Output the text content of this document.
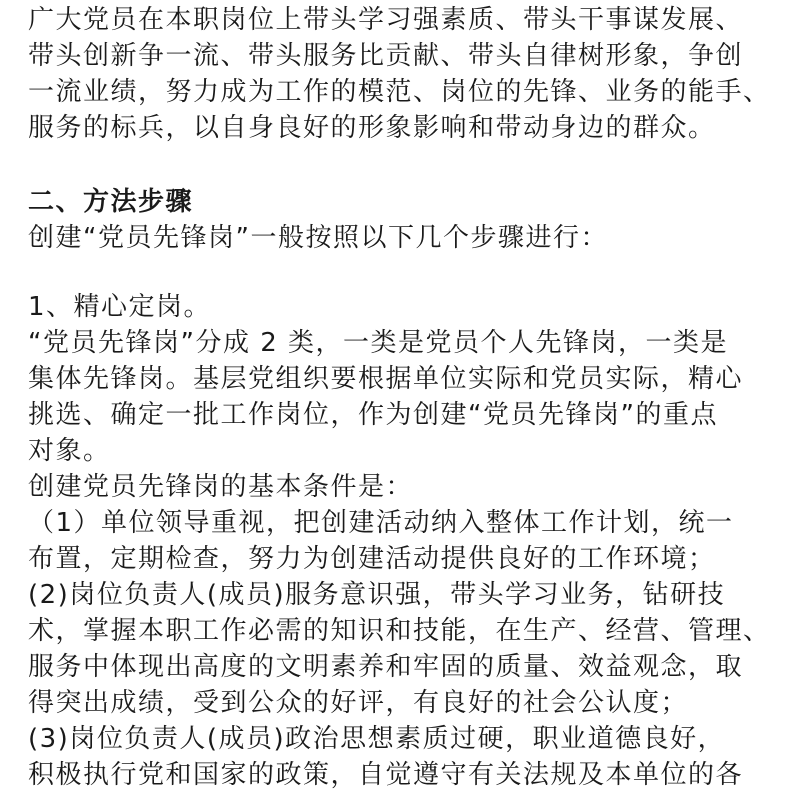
广大党员在本职岗位上带头学习强素质、带头干事谋发展、
带头创新争一流、带头服务比贡献、带头自律树形象，争创
一流业绩，努力成为工作的模范、岗位的先锋、业务的能手、
服务的标兵，以自身良好的形象影响和带动身边的群众。
二、方法步骤
创建“党员先锋岗”一般按照以下几个步骤进行：
1、精心定岗。
“党员先锋岗”分成 2 类，一类是党员个人先锋岗，一类是
集体先锋岗。基层党组织要根据单位实际和党员实际，精心
挑选、确定一批工作岗位，作为创建“党员先锋岗”的重点
对象。
创建党员先锋岗的基本条件是：
（1）单位领导重视，把创建活动纳入整体工作计划，统一
布置，定期检查，努力为创建活动提供良好的工作环境；
(2)岗位负责人(成员)服务意识强，带头学习业务，钻研技
术，掌握本职工作必需的知识和技能，在生产、经营、管理、
服务中体现出高度的文明素养和牢固的质量、效益观念，取
得突出成绩，受到公众的好评，有良好的社会公认度；
(3)岗位负责人(成员)政治思想素质过硬，职业道德良好，
积极执行党和国家的政策，自觉遵守有关法规及本单位的各
